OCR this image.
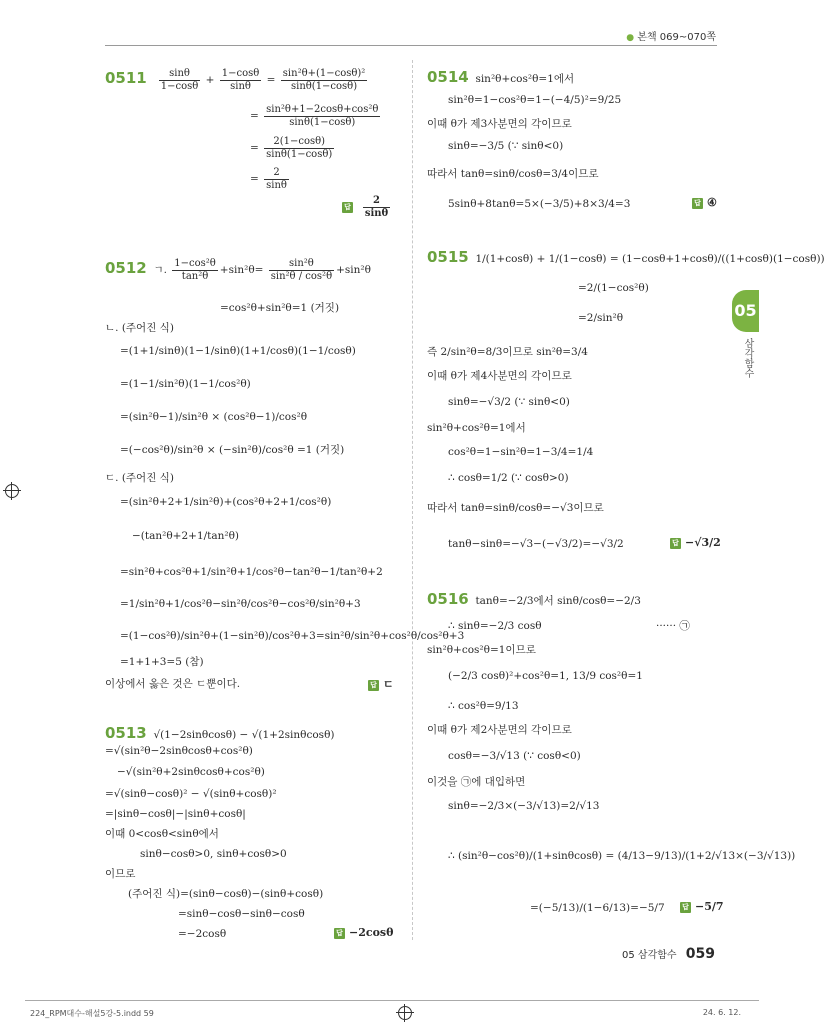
● 본책 069~070쪽
05
삼각함수
$0511 \frac{\sin\theta}{1-\cos\theta} + \frac{1-\cos\theta}{\sin\theta} = \frac{\text{sin²θ+(1−cosθ)²}}{\sin\theta(1-\cos\theta)}$
= $\frac{\text{sin²θ+1−2cosθ+cos²θ}}{\sin\theta(1-\cos\theta)}$
= $\frac{2(1-\cos\theta)}{\sin\theta(1-\cos\theta)}$
= $\frac{2}{\sin\theta}$
답 $\frac{2}{\sin\theta}$
0512 ㄱ. $\frac{\text{1−cos²θ}}{\text{tan²θ}} +\sin^2\theta= \frac{\text{sin²θ}}{\text{sin²θ / cos²θ}} +\sin^2\theta$
=cos²θ+sin²θ=1 (거짓)
ㄴ. (주어진 식)
=(1+1/sinθ)(1−1/sinθ)(1+1/cosθ)(1−1/cosθ)
=(1−1/sin²θ)(1−1/cos²θ)
=(sin²θ−1)/sin²θ × (cos²θ−1)/cos²θ
=(−cos²θ)/sin²θ × (−sin²θ)/cos²θ =1 (거짓)
ㄷ. (주어진 식)
=(sin²θ+2+1/sin²θ)+(cos²θ+2+1/cos²θ)
−(tan²θ+2+1/tan²θ)
=sin²θ+cos²θ+1/sin²θ+1/cos²θ−tan²θ−1/tan²θ+2
=1/sin²θ+1/cos²θ−sin²θ/cos²θ−cos²θ/sin²θ+3
=(1−cos²θ)/sin²θ+(1−sin²θ)/cos²θ+3=sin²θ/sin²θ+cos²θ/cos²θ+3
=1+1+3=5 (참)
이상에서 옳은 것은 ㄷ뿐이다.	답 ㄷ
0513 √(1−2sinθcosθ) − √(1+2sinθcosθ)
=√(sin²θ−2sinθcosθ+cos²θ)
−√(sin²θ+2sinθcosθ+cos²θ)
=√(sinθ−cosθ)² − √(sinθ+cosθ)²
=|sinθ−cosθ|−|sinθ+cosθ|
이때 0<cosθ<sinθ에서
sinθ−cosθ>0, sinθ+cosθ>0
이므로
(주어진 식)=(sinθ−cosθ)−(sinθ+cosθ)
=sinθ−cosθ−sinθ−cosθ
=−2cosθ	답 −2cosθ
0514 sin²θ+cos²θ=1에서
sin²θ=1−cos²θ=1−(−4/5)²=9/25
이때 θ가 제3사분면의 각이므로
sinθ=−3/5 (∵ sinθ<0)
따라서 tanθ=sinθ/cosθ=3/4이므로
5sinθ+8tanθ=5×(−3/5)+8×3/4=3	답 ④
0515 1/(1+cosθ) + 1/(1−cosθ) = (1−cosθ+1+cosθ)/((1+cosθ)(1−cosθ))
=2/(1−cos²θ)
=2/sin²θ
즉 2/sin²θ=8/3이므로 sin²θ=3/4
이때 θ가 제4사분면의 각이므로
sinθ=−√3/2 (∵ sinθ<0)
sin²θ+cos²θ=1에서
cos²θ=1−sin²θ=1−3/4=1/4
∴ cosθ=1/2 (∵ cosθ>0)
따라서 tanθ=sinθ/cosθ=−√3이므로
tanθ−sinθ=−√3−(−√3/2)=−√3/2	답 −√3/2
0516 tanθ=−2/3에서 sinθ/cosθ=−2/3
∴ sinθ=−2/3 cosθ	······ ㉠
sin²θ+cos²θ=1이므로
(−2/3 cosθ)²+cos²θ=1, 13/9 cos²θ=1
∴ cos²θ=9/13
이때 θ가 제2사분면의 각이므로
cosθ=−3/√13 (∵ cosθ<0)
이것을 ㉠에 대입하면
sinθ=−2/3×(−3/√13)=2/√13
∴ (sin²θ−cos²θ)/(1+sinθcosθ) = (4/13−9/13)/(1+2/√13×(−3/√13))
=(−5/13)/(1−6/13)=−5/7	답 −5/7
05 삼각함수 059
224_RPM대수-해설5강-5.indd 59	24. 6. 12.
